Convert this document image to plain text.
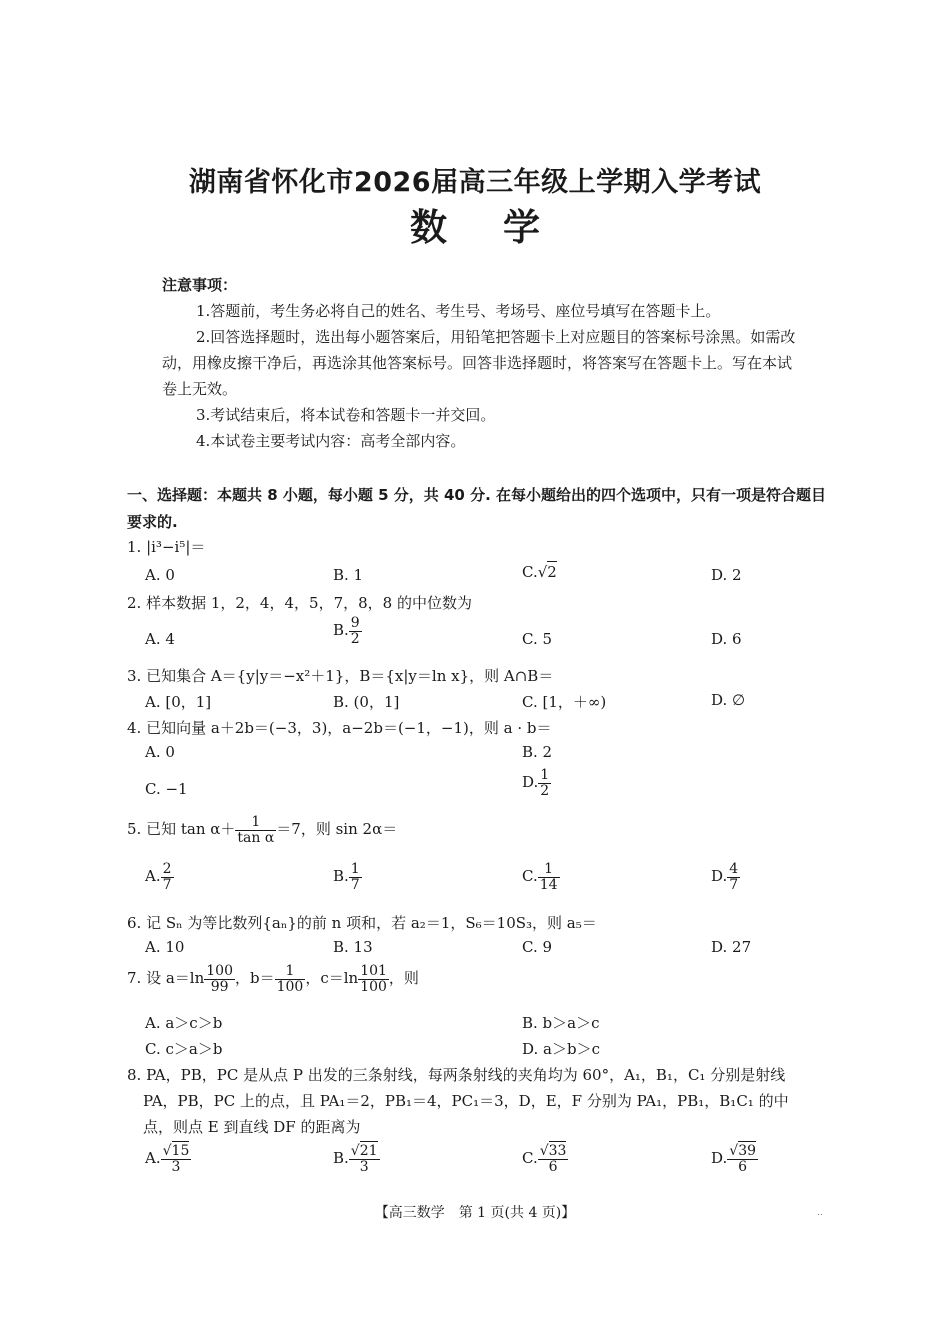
湖南省怀化市2026届高三年级上学期入学考试
数学
注意事项：
1.答题前，考生务必将自己的姓名、考生号、考场号、座位号填写在答题卡上。
2.回答选择题时，选出每小题答案后，用铅笔把答题卡上对应题目的答案标号涂黑。如需改动，用橡皮擦干净后，再选涂其他答案标号。回答非选择题时，将答案写在答题卡上。写在本试卷上无效。
3.考试结束后，将本试卷和答题卡一并交回。
4.本试卷主要考试内容：高考全部内容。
一、选择题：本题共 8 小题，每小题 5 分，共 40 分. 在每小题给出的四个选项中，只有一项是符合题目要求的.
1. |i³−i⁵|＝
A. 0	B. 1	C.√2	D. 2
2. 样本数据 1，2，4，4，5，7，8，8 的中位数为
A. 4	B. $\frac{9}{2}$	C. 5	D. 6
3. 已知集合 A＝{y|y＝−x²＋1}，B＝{x|y＝ln x}，则 A∩B＝
A. [0，1]	B. (0，1]	C. [1，＋∞)	D. ∅
4. 已知向量 a＋2b＝(−3，3)，a−2b＝(−1，−1)，则 a · b＝
A. 0	B. 2
C. −1	D. $\frac{1}{2}$
5. 已知 $\tan \alpha+ \frac{1}{\text{tan α}} =7$，则 sin 2α＝
A. $\frac{2}{7}$	B. $\frac{1}{7}$	C. $\frac{1}{14}$	D. $\frac{4}{7}$
6. 记 Sₙ 为等比数列{aₙ}的前 n 项和，若 a₂＝1，S₆＝10S₃，则 a₅＝
A. 10	B. 13	C. 9	D. 27
7. 设 $a=\ln \frac{100}{99}$ ，$b= \frac{1}{100}$ ，$c=\ln \frac{101}{100}$ ，则
A. a＞c＞b	B. b＞a＞c
C. c＞a＞b	D. a＞b＞c
8. PA，PB，PC 是从点 P 出发的三条射线，每两条射线的夹角均为 60°，A₁，B₁，C₁ 分别是射线
PA，PB，PC 上的点，且 PA₁＝2，PB₁＝4，PC₁＝3，D，E，F 分别为 PA₁，PB₁，B₁C₁ 的中
点，则点 E 到直线 DF 的距离为
A. $\frac{√15}{3}$	B. $\frac{√21}{3}$	C. $\frac{√33}{6}$	D. $\frac{√39}{6}$
【高三数学　第 1 页(共 4 页)】	..
